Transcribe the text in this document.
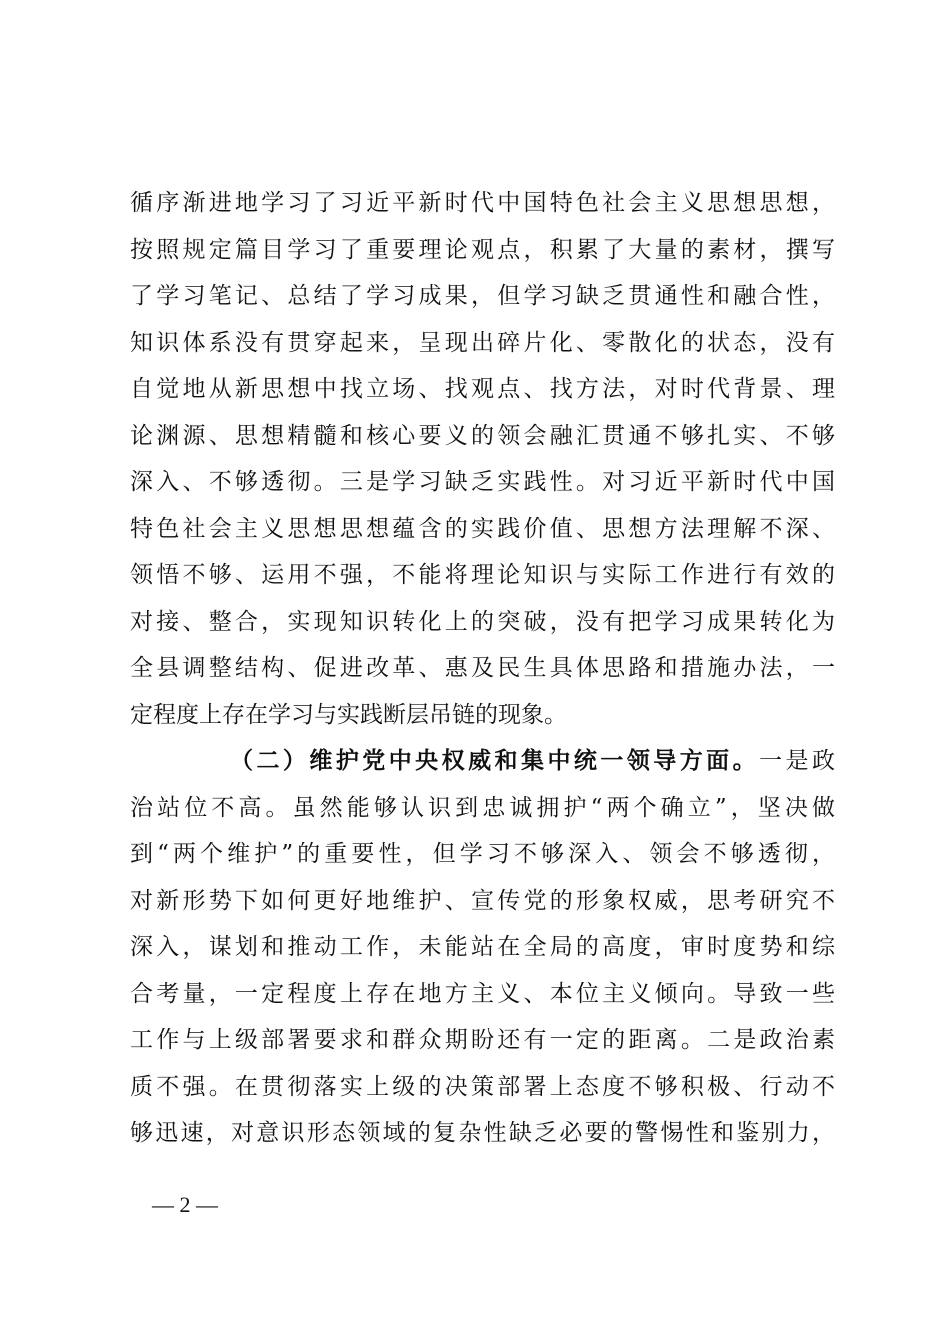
循序渐进地学习了习近平新时代中国特色社会主义思想思想，
按照规定篇目学习了重要理论观点，积累了大量的素材，撰写
了学习笔记、总结了学习成果，但学习缺乏贯通性和融合性，
知识体系没有贯穿起来，呈现出碎片化、零散化的状态，没有
自觉地从新思想中找立场、找观点、找方法，对时代背景、理
论渊源、思想精髓和核心要义的领会融汇贯通不够扎实、不够
深入、不够透彻。三是学习缺乏实践性。对习近平新时代中国
特色社会主义思想思想蕴含的实践价值、思想方法理解不深、
领悟不够、运用不强，不能将理论知识与实际工作进行有效的
对接、整合，实现知识转化上的突破，没有把学习成果转化为
全县调整结构、促进改革、惠及民生具体思路和措施办法，一
定程度上存在学习与实践断层吊链的现象。
（二）维护党中央权威和集中统一领导方面。一是政
治站位不高。虽然能够认识到忠诚拥护“两个确立”，坚决做
到“两个维护”的重要性，但学习不够深入、领会不够透彻，
对新形势下如何更好地维护、宣传党的形象权威，思考研究不
深入，谋划和推动工作，未能站在全局的高度，审时度势和综
合考量，一定程度上存在地方主义、本位主义倾向。导致一些
工作与上级部署要求和群众期盼还有一定的距离。二是政治素
质不强。在贯彻落实上级的决策部署上态度不够积极、行动不
够迅速，对意识形态领域的复杂性缺乏必要的警惕性和鉴别力，
— 2 —
